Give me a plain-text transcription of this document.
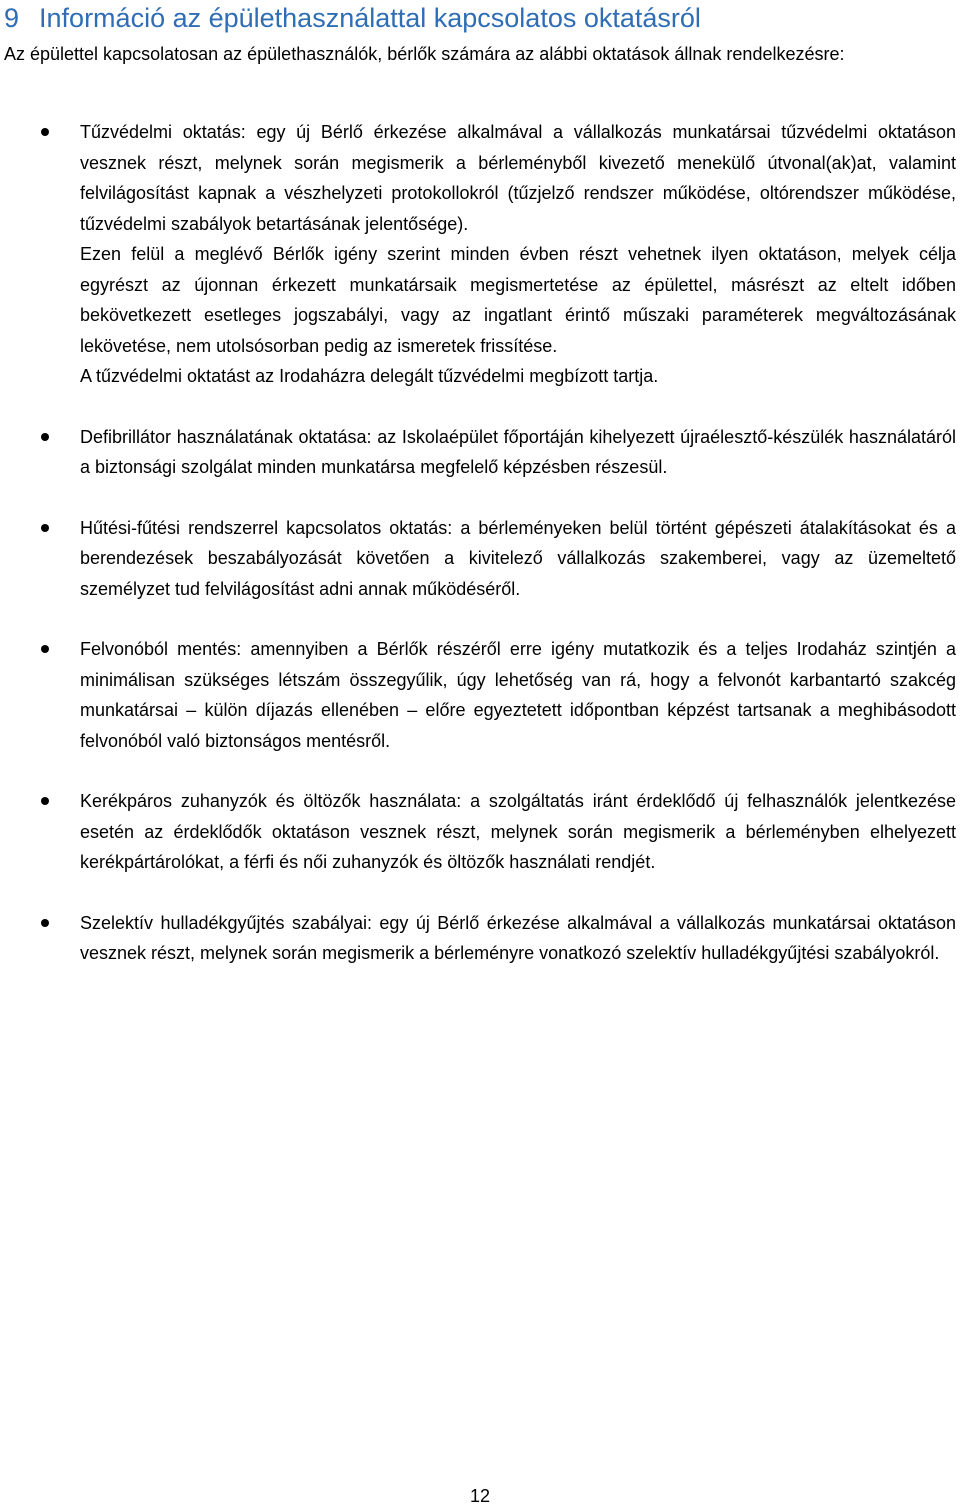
9 Információ az épülethasználattal kapcsolatos oktatásról
Az épülettel kapcsolatosan az épülethasználók, bérlők számára az alábbi oktatások állnak rendelkezésre:

Tűzvédelmi oktatás: egy új Bérlő érkezése alkalmával a vállalkozás munkatársai tűzvédelmi oktatáson vesznek részt, melynek során megismerik a bérleményből kivezető menekülő útvonal(ak)at, valamint felvilágosítást kapnak a vészhelyzeti protokollokról (tűzjelző rendszer működése, oltórendszer működése, tűzvédelmi szabályok betartásának jelentősége).

Ezen felül a meglévő Bérlők igény szerint minden évben részt vehetnek ilyen oktatáson, melyek célja egyrészt az újonnan érkezett munkatársaik megismertetése az épülettel, másrészt az eltelt időben bekövetkezett esetleges jogszabályi, vagy az ingatlant érintő műszaki paraméterek megváltozásának lekövetése, nem utolsósorban pedig az ismeretek frissítése.

A tűzvédelmi oktatást az Irodaházra delegált tűzvédelmi megbízott tartja.

Defibrillátor használatának oktatása: az Iskolaépület főportáján kihelyezett újraélesztő-készülék használatáról a biztonsági szolgálat minden munkatársa megfelelő képzésben részesül.

Hűtési-fűtési rendszerrel kapcsolatos oktatás: a bérleményeken belül történt gépészeti átalakításokat és a berendezések beszabályozását követően a kivitelező vállalkozás szakemberei, vagy az üzemeltető személyzet tud felvilágosítást adni annak működéséről.

Felvonóból mentés: amennyiben a Bérlők részéről erre igény mutatkozik és a teljes Irodaház szintjén a minimálisan szükséges létszám összegyűlik, úgy lehetőség van rá, hogy a felvonót karbantartó szakcég munkatársai – külön díjazás ellenében – előre egyeztetett időpontban képzést tartsanak a meghibásodott felvonóból való biztonságos mentésről.

Kerékpáros zuhanyzók és öltözők használata: a szolgáltatás iránt érdeklődő új felhasználók jelentkezése esetén az érdeklődők oktatáson vesznek részt, melynek során megismerik a bérleményben elhelyezett kerékpártárolókat, a férfi és női zuhanyzók és öltözők használati rendjét.

Szelektív hulladékgyűjtés szabályai: egy új Bérlő érkezése alkalmával a vállalkozás munkatársai oktatáson vesznek részt, melynek során megismerik a bérleményre vonatkozó szelektív hulladékgyűjtési szabályokról.

12
